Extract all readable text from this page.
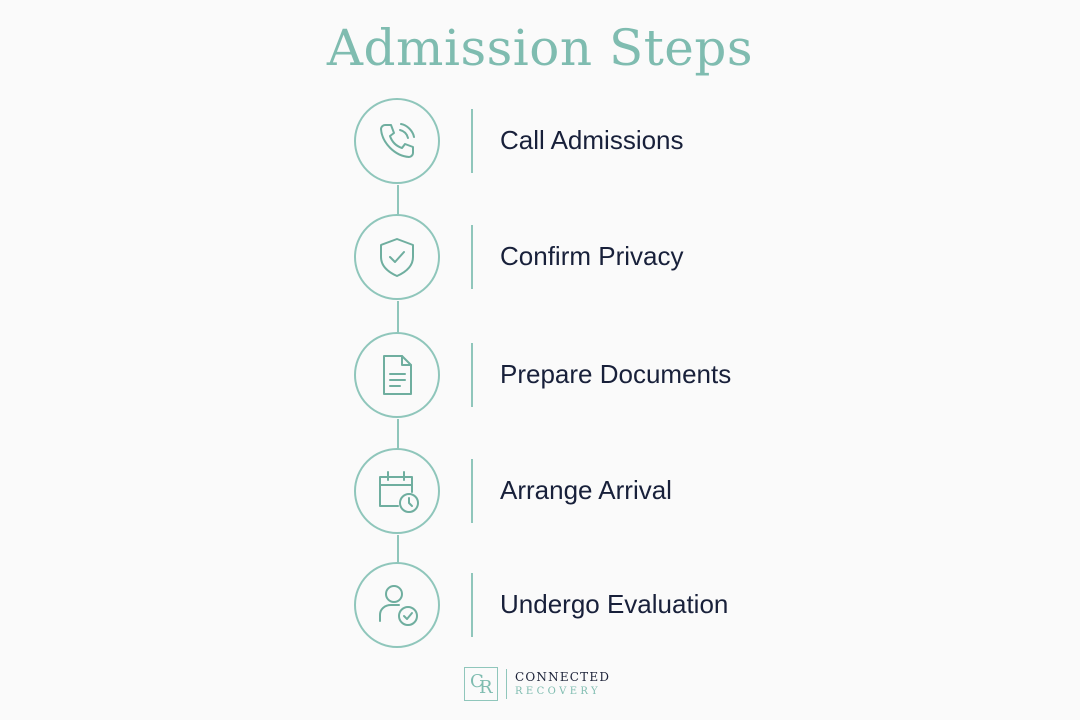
Admission Steps
Call Admissions
Confirm Privacy
Prepare Documents
Arrange Arrival
Undergo Evaluation
C
R CONNECTED
RECOVERY
